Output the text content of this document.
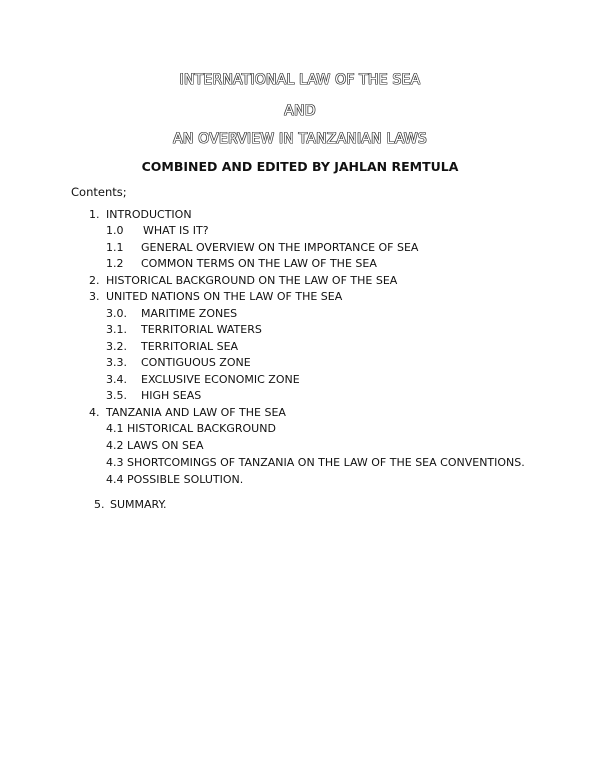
INTERNATIONAL LAW OF THE SEA
AND
AN OVERVIEW IN TANZANIAN LAWS
COMBINED AND EDITED BY JAHLAN REMTULA
Contents;
1. INTRODUCTION
1.0 WHAT IS IT?
1.1 GENERAL OVERVIEW ON THE IMPORTANCE OF SEA
1.2 COMMON TERMS ON THE LAW OF THE SEA
2. HISTORICAL BACKGROUND ON THE LAW OF THE SEA
3. UNITED NATIONS ON THE LAW OF THE SEA
3.0. MARITIME ZONES
3.1. TERRITORIAL WATERS
3.2. TERRITORIAL SEA
3.3. CONTIGUOUS ZONE
3.4. EXCLUSIVE ECONOMIC ZONE
3.5. HIGH SEAS
4. TANZANIA AND LAW OF THE SEA
4.1 HISTORICAL BACKGROUND
4.2 LAWS ON SEA
4.3 SHORTCOMINGS OF TANZANIA ON THE LAW OF THE SEA CONVENTIONS.
4.4 POSSIBLE SOLUTION.
5. SUMMARY.
